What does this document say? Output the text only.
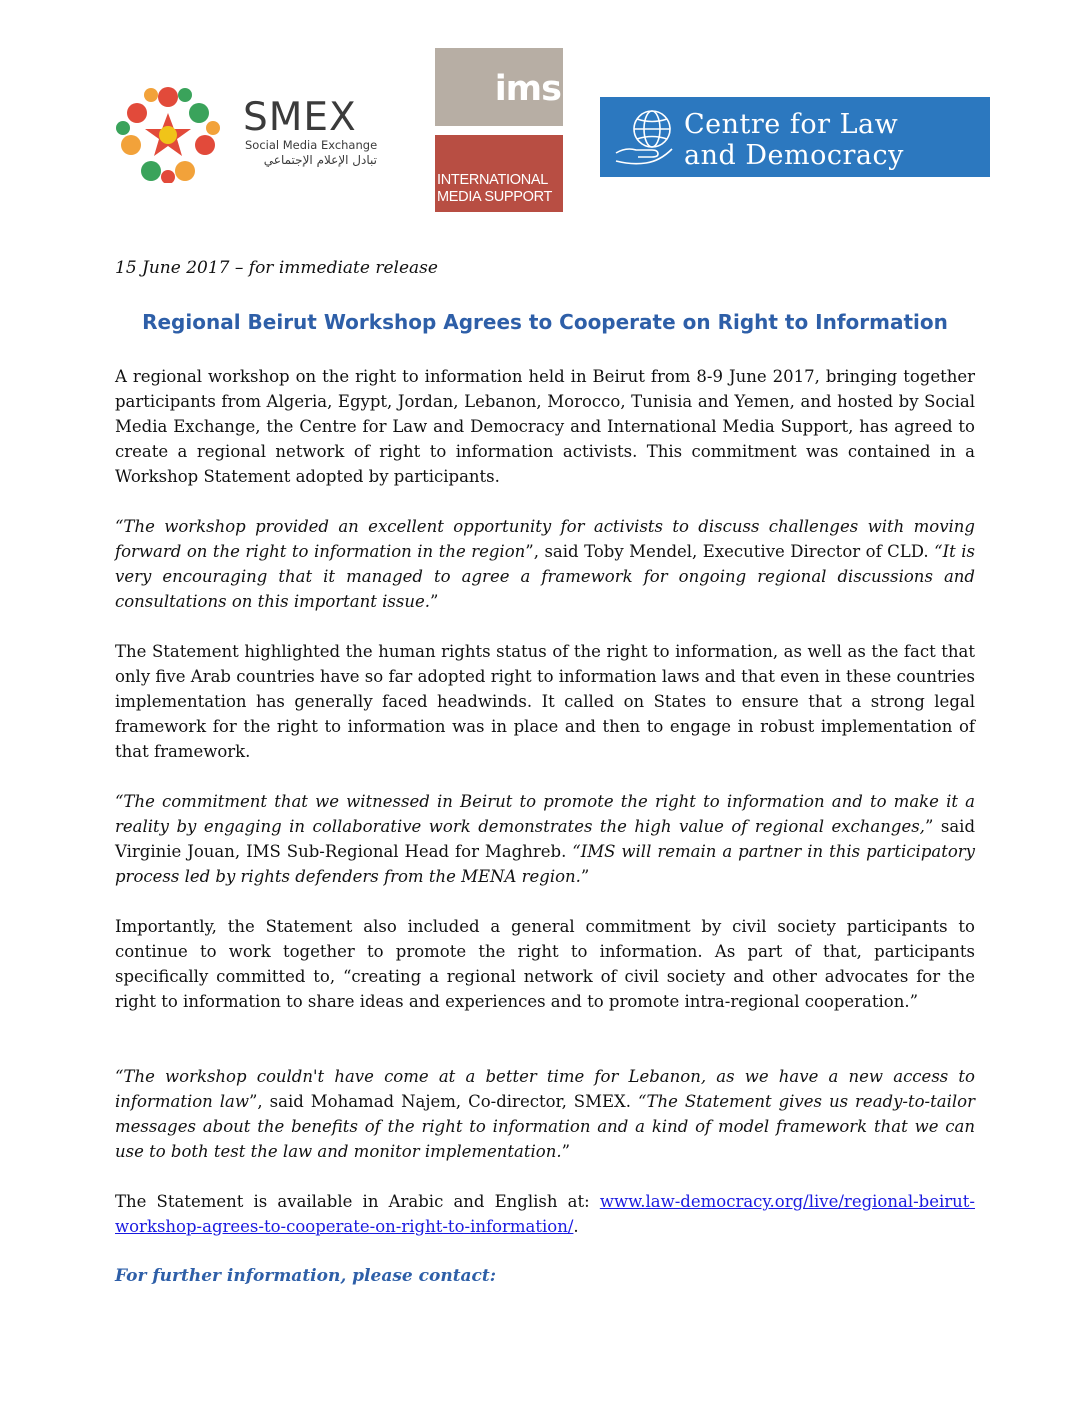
SMEX
Social Media Exchange
تبادل الإعلام الإجتماعي
ims
INTERNATIONAL
MEDIA SUPPORT
Centre for Law
and Democracy
15 June 2017 – for immediate release
Regional Beirut Workshop Agrees to Cooperate on Right to Information
A regional workshop on the right to information held in Beirut from 8-9 June 2017, bringing together participants from Algeria, Egypt, Jordan, Lebanon, Morocco, Tunisia and Yemen, and hosted by Social Media Exchange, the Centre for Law and Democracy and International Media Support, has agreed to create a regional network of right to information activists. This commitment was contained in a Workshop Statement adopted by participants.
“The workshop provided an excellent opportunity for activists to discuss challenges with moving forward on the right to information in the region”, said Toby Mendel, Executive Director of CLD. “It is very encouraging that it managed to agree a framework for ongoing regional discussions and consultations on this important issue.”
The Statement highlighted the human rights status of the right to information, as well as the fact that only five Arab countries have so far adopted right to information laws and that even in these countries implementation has generally faced headwinds. It called on States to ensure that a strong legal framework for the right to information was in place and then to engage in robust implementation of that framework.
“The commitment that we witnessed in Beirut to promote the right to information and to make it a reality by engaging in collaborative work demonstrates the high value of regional exchanges,” said Virginie Jouan, IMS Sub-Regional Head for Maghreb. “IMS will remain a partner in this participatory process led by rights defenders from the MENA region.”
Importantly, the Statement also included a general commitment by civil society participants to continue to work together to promote the right to information. As part of that, participants specifically committed to, “creating a regional network of civil society and other advocates for the right to information to share ideas and experiences and to promote intra-regional cooperation.”
“The workshop couldn't have come at a better time for Lebanon, as we have a new access to information law”, said Mohamad Najem, Co-director, SMEX. “The Statement gives us ready-to-tailor messages about the benefits of the right to information and a kind of model framework that we can use to both test the law and monitor implementation.”
The Statement is available in Arabic and English at: www.law-democracy.org/live/regional-beirut-workshop-agrees-to-cooperate-on-right-to-information/.
For further information, please contact:
